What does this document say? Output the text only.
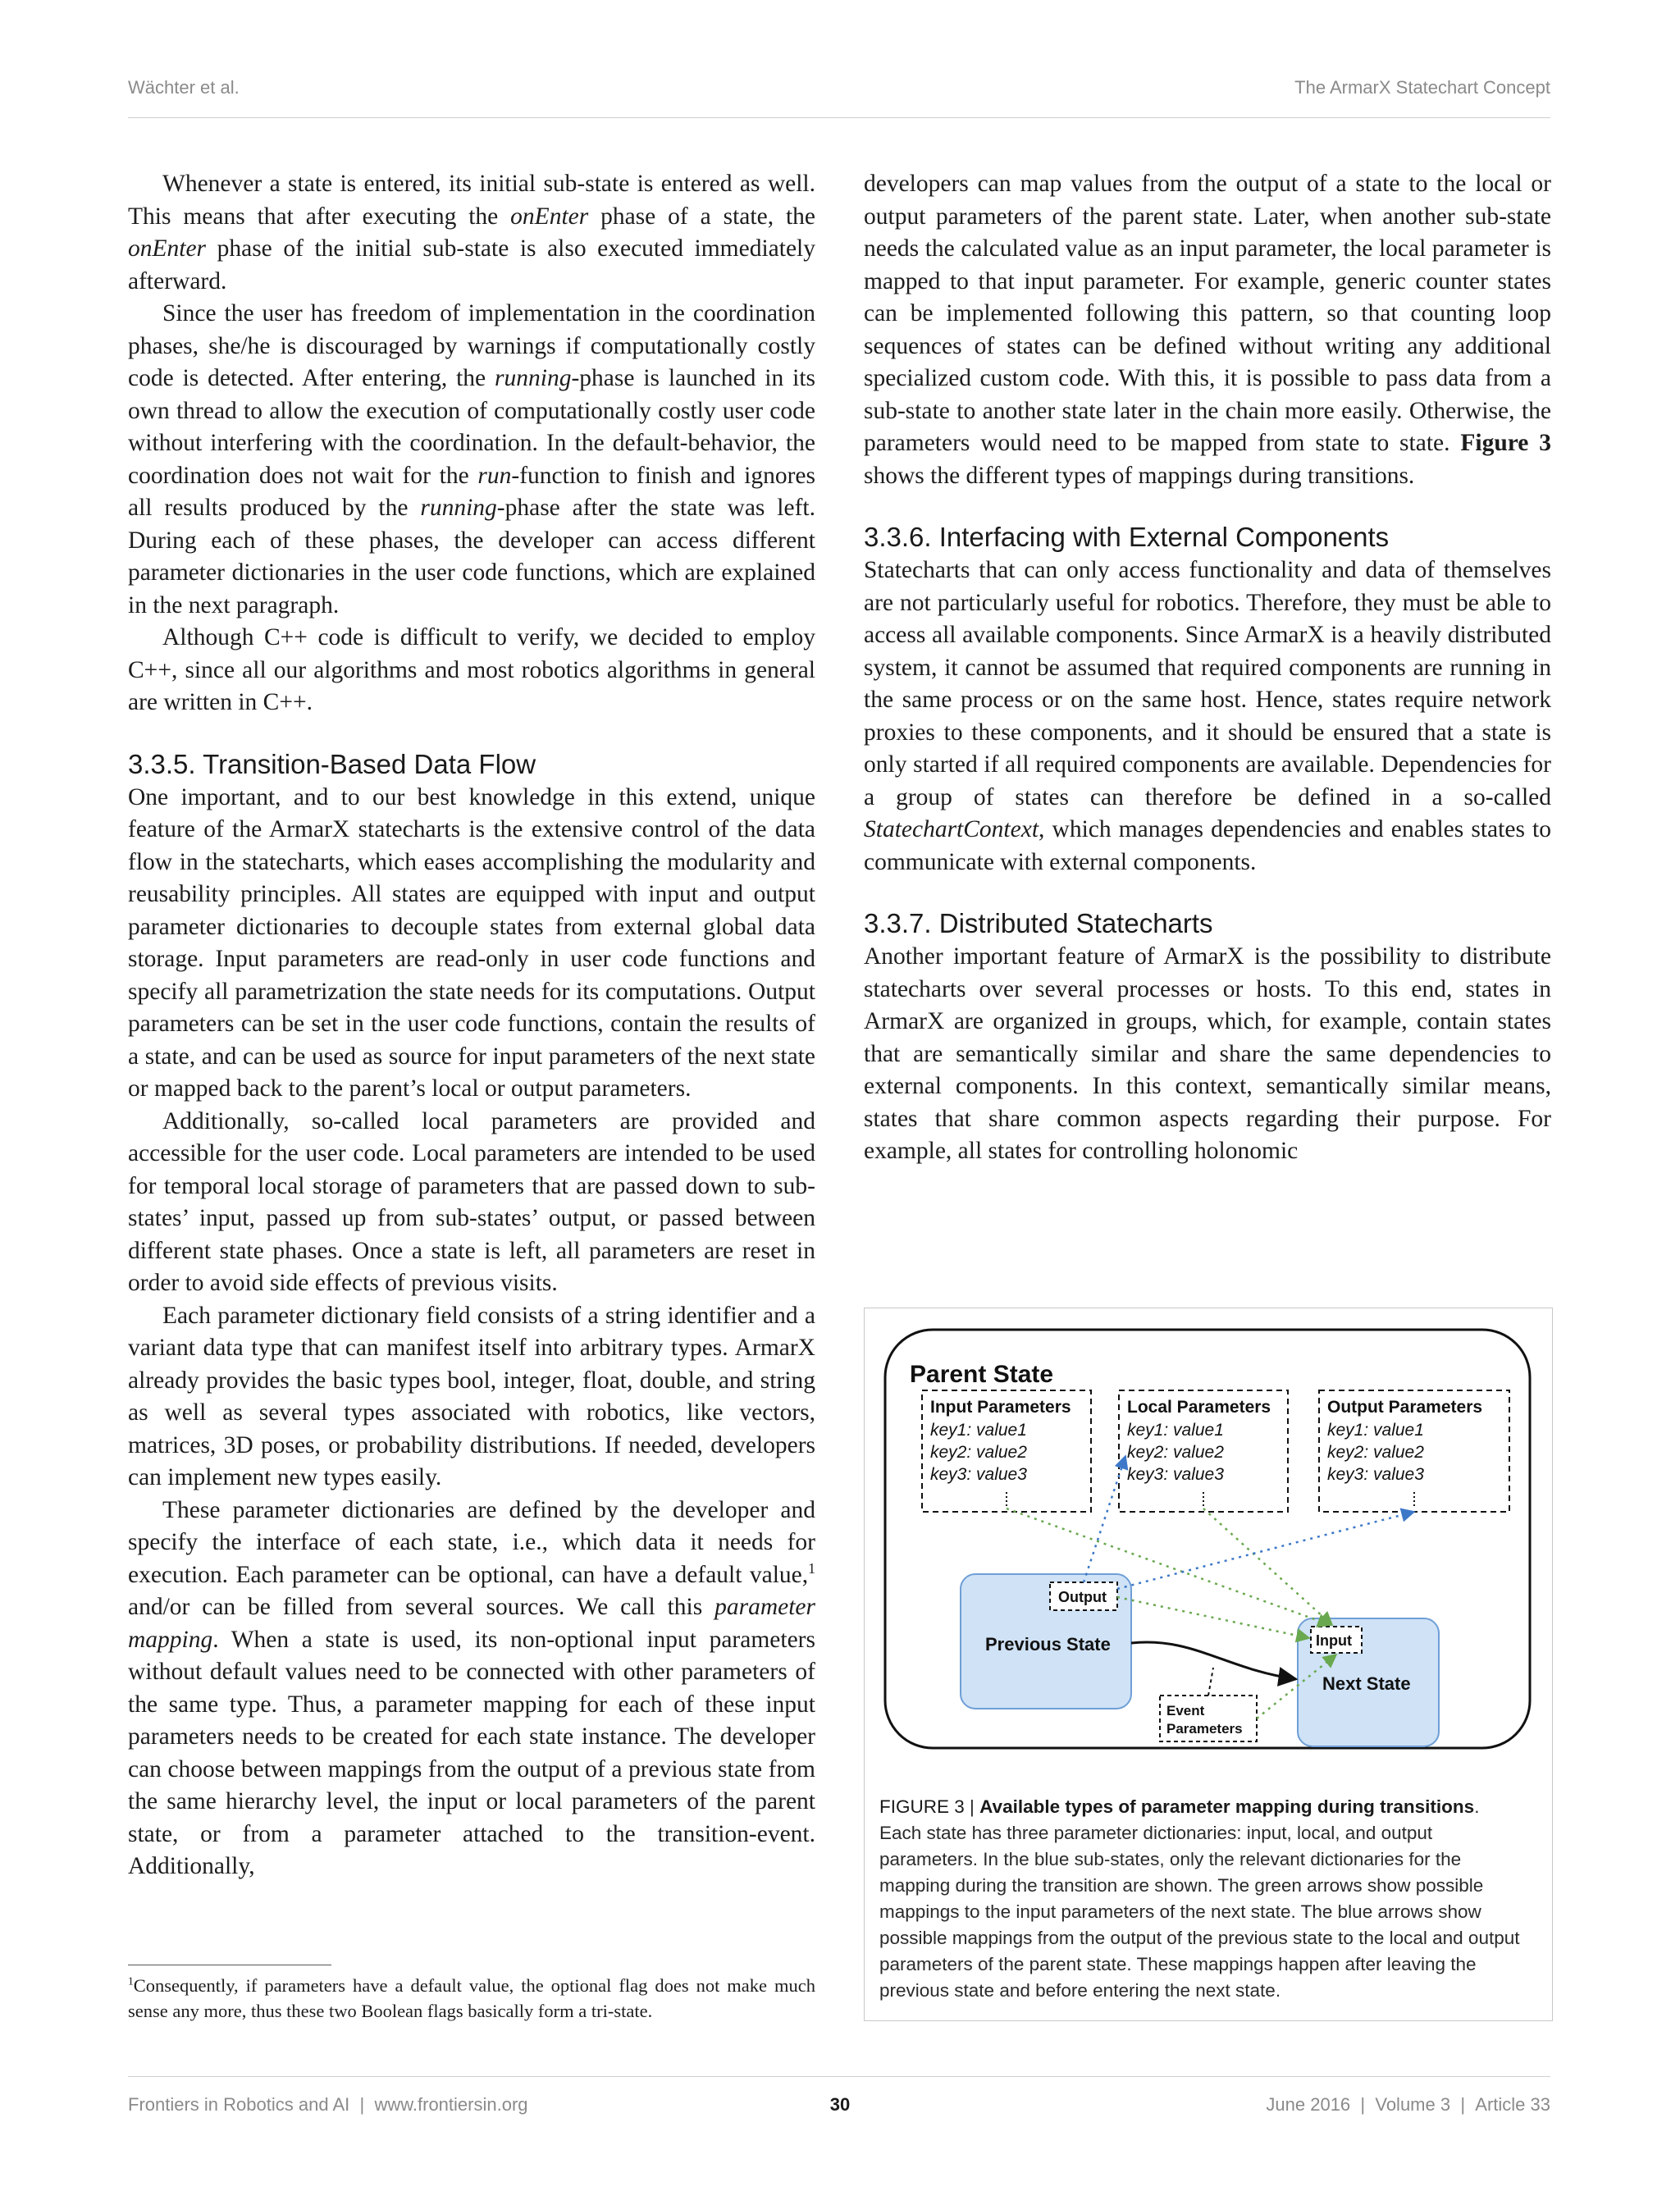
Wächter et al.	The ArmarX Statechart Concept

Whenever a state is entered, its initial sub-state is entered as well. This means that after executing the onEnter phase of a state, the onEnter phase of the initial sub-state is also executed immediately afterward.

Since the user has freedom of implementation in the coordination phases, she/he is discouraged by warnings if computationally costly code is detected. After entering, the running-phase is launched in its own thread to allow the execution of computationally costly user code without interfering with the coordination. In the default-behavior, the coordination does not wait for the run-function to finish and ignores all results produced by the running-phase after the state was left. During each of these phases, the developer can access different parameter dictionaries in the user code functions, which are explained in the next paragraph.

Although C++ code is difficult to verify, we decided to employ C++, since all our algorithms and most robotics algorithms in general are written in C++.

3.3.5. Transition-Based Data Flow

One important, and to our best knowledge in this extend, unique feature of the ArmarX statecharts is the extensive control of the data flow in the statecharts, which eases accomplishing the modularity and reusability principles. All states are equipped with input and output parameter dictionaries to decouple states from external global data storage. Input parameters are read-only in user code functions and specify all parametrization the state needs for its computations. Output parameters can be set in the user code functions, contain the results of a state, and can be used as source for input parameters of the next state or mapped back to the parent’s local or output parameters.

Additionally, so-called local parameters are provided and accessible for the user code. Local parameters are intended to be used for temporal local storage of parameters that are passed down to sub-states’ input, passed up from sub-states’ output, or passed between different state phases. Once a state is left, all parameters are reset in order to avoid side effects of previous visits.

Each parameter dictionary field consists of a string identifier and a variant data type that can manifest itself into arbitrary types. ArmarX already provides the basic types bool, integer, float, double, and string as well as several types associated with robotics, like vectors, matrices, 3D poses, or probability distributions. If needed, developers can implement new types easily.

These parameter dictionaries are defined by the developer and specify the interface of each state, i.e., which data it needs for execution. Each parameter can be optional, can have a default value,$^1$ and/or can be filled from several sources. We call this parameter mapping. When a state is used, its non-optional input parameters without default values need to be connected with other parameters of the same type. Thus, a parameter mapping for each of these input parameters needs to be created for each state instance. The developer can choose between mappings from the output of a previous state from the same hierarchy level, the input or local parameters of the parent state, or from a parameter attached to the transition-event. Additionally,

$^1$Consequently, if parameters have a default value, the optional flag does not make much sense any more, thus these two Boolean flags basically form a tri-state.

developers can map values from the output of a state to the local or output parameters of the parent state. Later, when another sub-state needs the calculated value as an input parameter, the local parameter is mapped to that input parameter. For example, generic counter states can be implemented following this pattern, so that counting loop sequences of states can be defined without writing any additional specialized custom code. With this, it is possible to pass data from a sub-state to another state later in the chain more easily. Otherwise, the parameters would need to be mapped from state to state. Figure 3 shows the different types of mappings during transitions.

3.3.6. Interfacing with External Components

Statecharts that can only access functionality and data of themselves are not particularly useful for robotics. Therefore, they must be able to access all available components. Since ArmarX is a heavily distributed system, it cannot be assumed that required components are running in the same process or on the same host. Hence, states require network proxies to these components, and it should be ensured that a state is only started if all required components are available. Dependencies for a group of states can therefore be defined in a so-called StatechartContext, which manages dependencies and enables states to communicate with external components.

3.3.7. Distributed Statecharts

Another important feature of ArmarX is the possibility to distribute statecharts over several processes or hosts. To this end, states in ArmarX are organized in groups, which, for example, contain states that are semantically similar and share the same dependencies to external components. In this context, semantically similar means, states that share common aspects regarding their purpose. For example, all states for controlling holonomic

Parent State
Input Parameters
key1: value1
key2: value2
key3: value3
Local Parameters
key1: value1
key2: value2
key3: value3
Output Parameters
key1: value1
key2: value2
key3: value3
Previous State
Output
Next State
Input
Event
Parameters
FIGURE 3 | Available types of parameter mapping during transitions.
Each state has three parameter dictionaries: input, local, and output parameters. In the blue sub-states, only the relevant dictionaries for the mapping during the transition are shown. The green arrows show possible mappings to the input parameters of the next state. The blue arrows show possible mappings from the output of the previous state to the local and output parameters of the parent state. These mappings happen after leaving the previous state and before entering the next state.
Frontiers in Robotics and AI | www.frontiersin.org	30	June 2016 | Volume 3 | Article 33
